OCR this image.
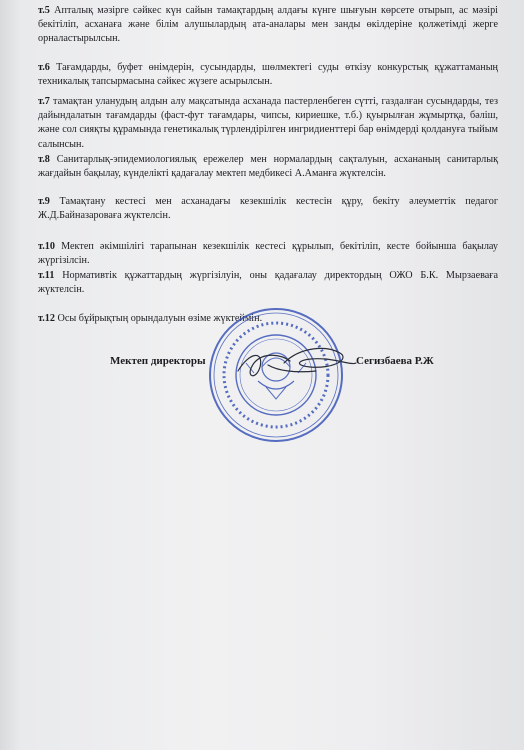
т.5 Апталық мәзірге сәйкес күн сайын тамақтардың алдағы күнге шығуын көрсете отырып, ас мәзірі бекітіліп, асханаға және білім алушылардың ата-аналары мен занды өкілдеріне қолжетімді жерге орналастырылсын.

т.6 Тағамдарды, буфет өнімдерін, сусындарды, шөлмектегі суды өткізу конкурстық құжаттаманың техникалық тапсырмасына сәйкес жүзеге асырылсын.

т.7 тамақтан уланудың алдын алу мақсатында асханада пастерленбеген сүтті, газдалған сусындарды, тез дайындалатын тағамдарды (фаст-фут тағамдары, чипсы, кириешке, т.б.) қуырылған жұмыртқа, бәліш, және сол сияқты құрамында генетикалық түрлендірілген ингридиенттері бар өнімдерді қолдануға тыйым салынсын.

т.8 Санитарлық-эпидемиологиялық ережелер мен нормалардың сақталуын, асхананың санитарлық жағдайын бақылау, күнделікті қадағалау мектеп медбикесі А.Аманға жүктелсін.

т.9 Тамақтану кестесі мен асханадағы кезекшілік кестесін құру, бекіту әлеуметтік педагог Ж.Д.Байназароваға жүктелсін.

т.10 Мектеп әкімшілігі тарапынан кезекшілік кестесі құрылып, бекітіліп, кесте бойынша бақылау жүргізілсін.

т.11 Нормативтік құжаттардың жүргізілуін, оны қадағалау директордың ОЖО Б.К. Мырзаевағa жүктелсін.

т.12 Осы бұйрықтың орындалуын өзіме жүктеймін.

Мектеп директоры	Сегизбаева Р.Ж
